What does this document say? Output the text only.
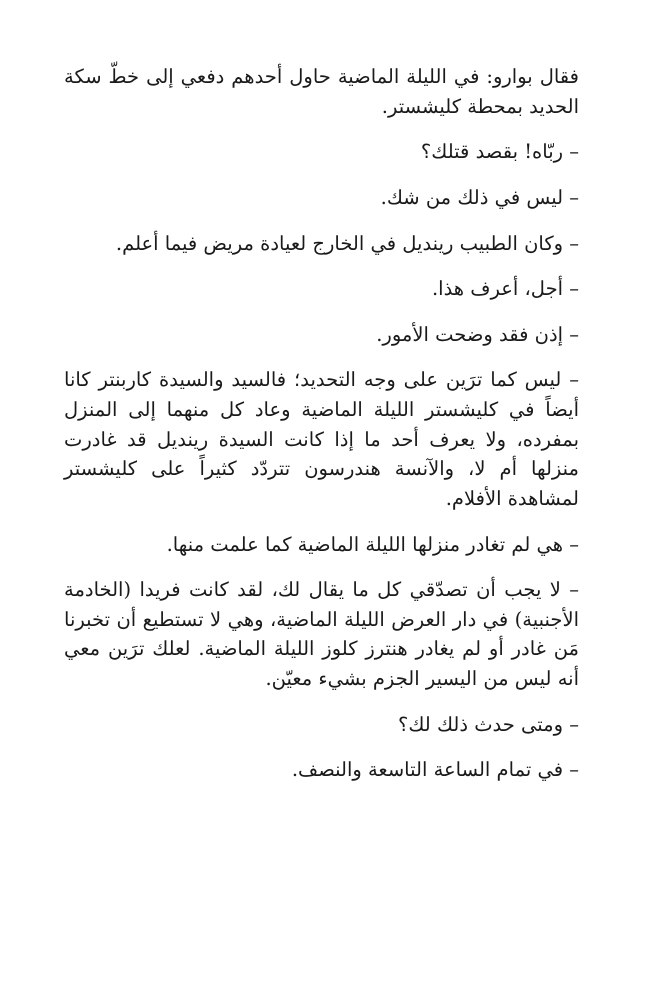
فقال بوارو: في الليلة الماضية حاول أحدهم دفعي إلى خطّ سكة الحديد بمحطة كليشستر.

– ربّاه! بقصد قتلك؟

– ليس في ذلك من شك.

– وكان الطبيب رينديل في الخارج لعيادة مريض فيما أعلم.

– أجل، أعرف هذا.

– إذن فقد وضحت الأمور.

– ليس كما ترَين على وجه التحديد؛ فالسيد والسيدة كاربنتر كانا أيضاً في كليشستر الليلة الماضية وعاد كل منهما إلى المنزل بمفرده، ولا يعرف أحد ما إذا كانت السيدة رينديل قد غادرت منزلها أم لا، والآنسة هندرسون تتردّد كثيراً على كليشستر لمشاهدة الأفلام.

– هي لم تغادر منزلها الليلة الماضية كما علمت منها.

– لا يجب أن تصدّقي كل ما يقال لك، لقد كانت فريدا (الخادمة الأجنبية) في دار العرض الليلة الماضية، وهي لا تستطيع أن تخبرنا مَن غادر أو لم يغادر هنترز كلوز الليلة الماضية. لعلك ترَين معي أنه ليس من اليسير الجزم بشيء معيّن.

– ومتى حدث ذلك لك؟

– في تمام الساعة التاسعة والنصف.
